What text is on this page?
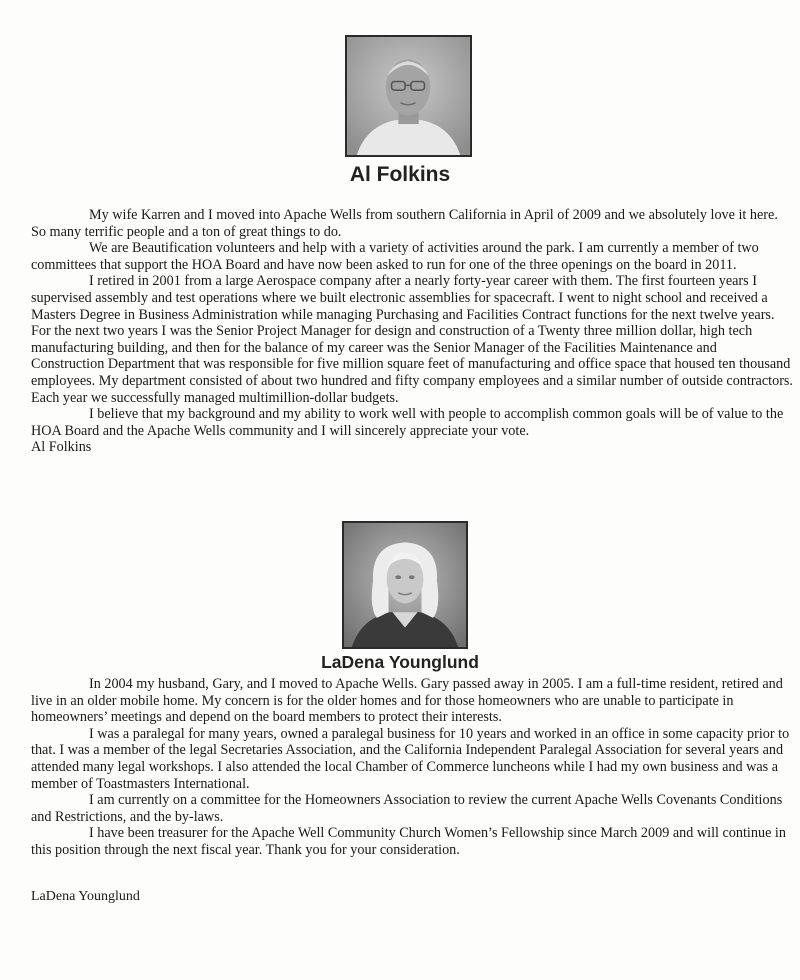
Al Folkins

My wife Karren and I moved into Apache Wells from southern California in April of 2009 and we absolutely love it here. So many terrific people and a ton of great things to do.

We are Beautification volunteers and help with a variety of activities around the park. I am currently a member of two committees that support the HOA Board and have now been asked to run for one of the three openings on the board in 2011.

I retired in 2001 from a large Aerospace company after a nearly forty-year career with them. The first fourteen years I supervised assembly and test operations where we built electronic assemblies for spacecraft. I went to night school and received a Masters Degree in Business Administration while managing Purchasing and Facilities Contract functions for the next twelve years. For the next two years I was the Senior Project Manager for design and construction of a Twenty three million dollar, high tech manufacturing building, and then for the balance of my career was the Senior Manager of the Facilities Maintenance and Construction Department that was responsible for five million square feet of manufacturing and office space that housed ten thousand employees. My department consisted of about two hundred and fifty company employees and a similar number of outside contractors. Each year we successfully managed multimillion-dollar budgets.

I believe that my background and my ability to work well with people to accomplish common goals will be of value to the HOA Board and the Apache Wells community and I will sincerely appreciate your vote.

Al Folkins

LaDena Younglund

In 2004 my husband, Gary, and I moved to Apache Wells. Gary passed away in 2005. I am a full-time resident, retired and live in an older mobile home. My concern is for the older homes and for those homeowners who are unable to participate in homeowners’ meetings and depend on the board members to protect their interests.

I was a paralegal for many years, owned a paralegal business for 10 years and worked in an office in some capacity prior to that. I was a member of the legal Secretaries Association, and the California Independent Paralegal Association for several years and attended many legal workshops. I also attended the local Chamber of Commerce luncheons while I had my own business and was a member of Toastmasters International.

I am currently on a committee for the Homeowners Association to review the current Apache Wells Covenants Conditions and Restrictions, and the by-laws.

I have been treasurer for the Apache Well Community Church Women’s Fellowship since March 2009 and will continue in this position through the next fiscal year. Thank you for your consideration.

LaDena Younglund
